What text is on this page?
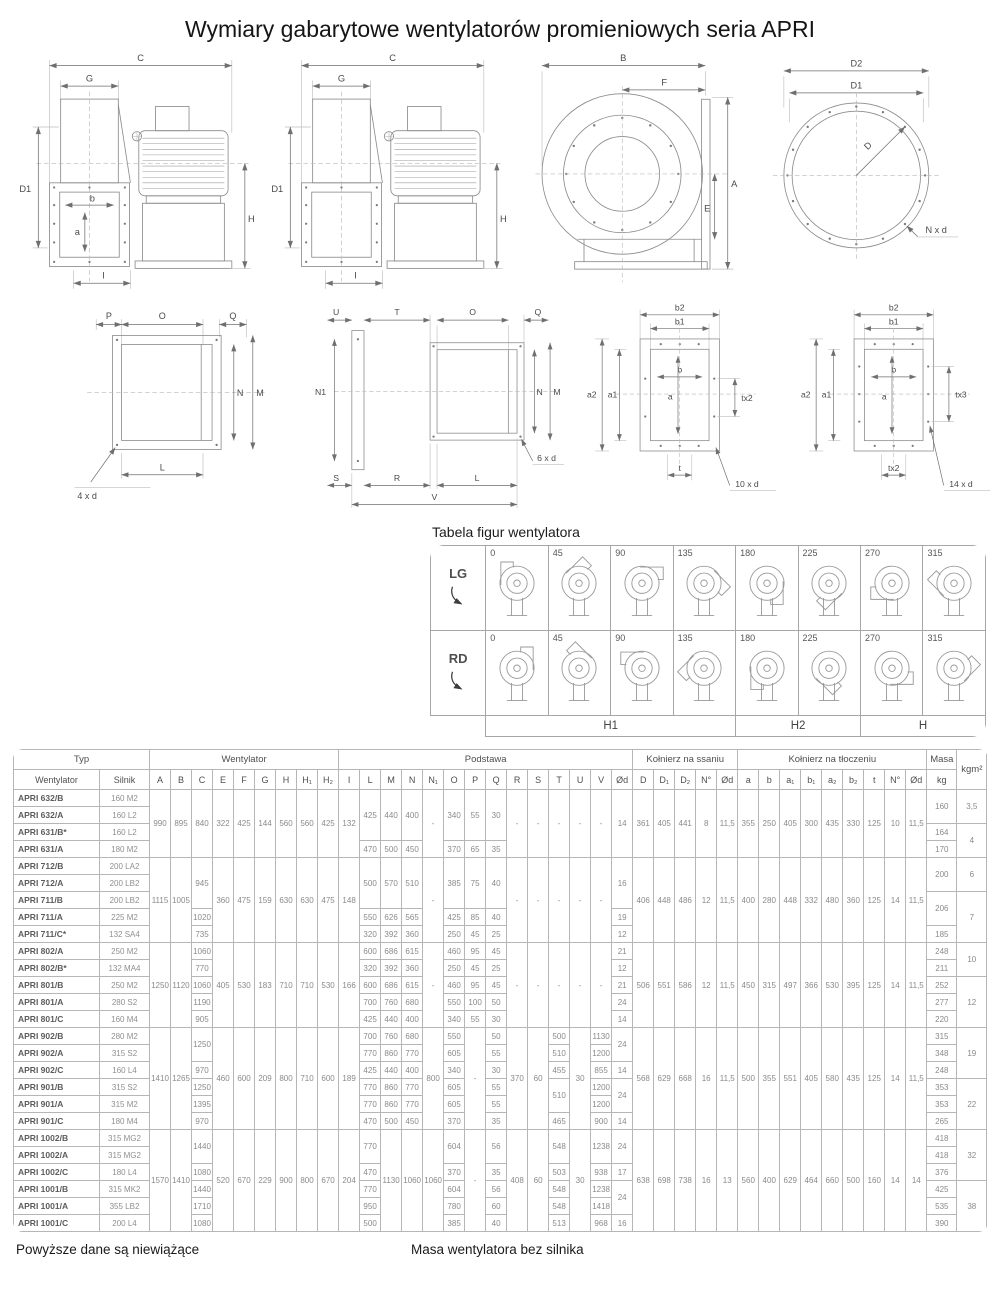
Wymiary gabarytowe wentylatorów promieniowych seria APRI
C
G
D1
H
I
b
a
C
G
D1
H
I
B
F
A
E
D2
D1
D
N x d
P	O	Q
N M
L
4 x d
U	T	O	Q
N1	N M
S	R	L
V
6 x d
b2
b1
a2 a1
b
a	tx2
t
10 x d
b2
b1
a2 a1
b
a	tx3
tx2
14 x d
Tabela figur wentylatora
LG	0	45	90	135	180	225	270	315

RD	0	45	90	135	180	225	270	315

	H1				H2		H	
Typ		Wentylator									Podstawa														Kołnierz na ssaniu					Kołnierz na tłoczeniu									Masa	kgm²
Wentylator	Silnik	A	B	C	E	F	G	H	H₁	H₂	I	L	M	N	N₁	O	P	Q	R	S	T	U	V	Ød	D	D₁	D₂	N°	Ød	a	b	a₁	b₁	a₂	b₂	t	N°	Ød	kg	
APRI 632/B	160 M2	990	895	840	322	425	144	560	560	425	132	425	440	400	-	340	55	30	-	-	-	-	-	14	361	405	441	8	11,5	355	250	405	300	435	330	125	10	11,5	160	3,5
APRI 632/A	160 L2																																							
APRI 631/B*	160 L2																																						164	4
APRI 631/A	180 M2											470	500	450		370	65	35																					170	
APRI 712/B	200 LA2	1115	1005	945	360	475	159	630	630	475	148	500	570	510	-	385	75	40	-	-	-	-	-	16	406	448	486	12	11,5	400	280	448	332	480	360	125	14	11,5	200	6
APRI 712/A	200 LB2																																							
APRI 711/B	200 LB2																																						206	7
APRI 711/A	225 M2			1020								550	626	565		425	85	40						19																
APRI 711/C*	132 SA4			735								320	392	360		250	45	25						12															185	
APRI 802/A	250 M2	1250	1120	1060	405	530	183	710	710	530	166	600	686	615	-	460	95	45	-	-	-	-	-	21	506	551	586	12	11,5	450	315	497	366	530	395	125	14	11,5	248	10
APRI 802/B*	132 MA4			770								320	392	360		250	45	25						12															211	
APRI 801/B	250 M2			1060								600	686	615		460	95	45						21															252	12
APRI 801/A	280 S2			1190								700	760	680		550	100	50						24															277	
APRI 801/C	160 M4			905								425	440	400		340	55	30						14															220	
APRI 902/B	280 M2	1410	1265	1250	460	600	209	800	710	600	189	700	760	680	800	550	-	50	370	60	500	30	1130	24	568	629	668	16	11,5	500	355	551	405	580	435	125	14	11,5	315	19
APRI 902/A	315 S2											770	860	770		605		55			510		1200																348	
APRI 902/C	160 L4			970								425	440	400		340		30			455		855	14															248	
APRI 901/B	315 S2			1250								770	860	770		605		55			510		1200	24															353	22
APRI 901/A	315 M2			1395								770	860	770		605		55					1200																353	
APRI 901/C	180 M4			970								470	500	450		370		35			465		900	14															265	
APRI 1002/B	315 MG2	1570	1410	1440	520	670	229	900	800	670	204	770	1130	1060	1060	604	-	56	408	60	548	30	1238	24	638	698	738	16	13	560	400	629	464	660	500	160	14	14	418	32
APRI 1002/A	315 MG2																																						418	
APRI 1002/C	180 L4			1080								470				370		35			503		938	17															376	
APRI 1001/B	315 MK2			1440								770				604		56			548		1238	24															425	38
APRI 1001/A	355 LB2			1710								950				780		60			548		1418																535	
APRI 1001/C	200 L4			1080								500				385		40			513		968	16															390	
Powyższe dane są niewiążące	Masa wentylatora bez silnika
